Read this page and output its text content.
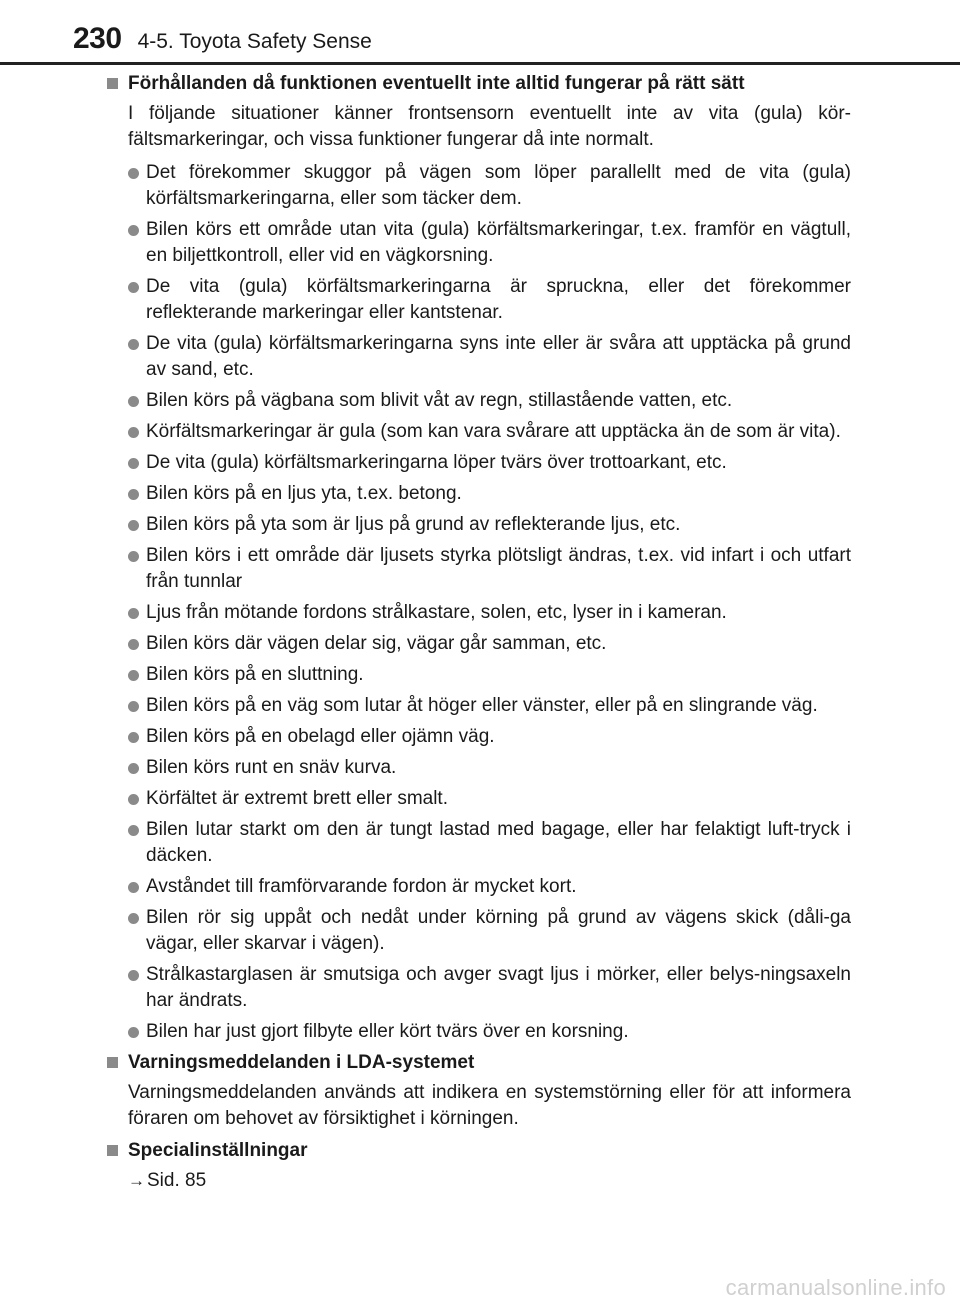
230 4-5. Toyota Safety Sense
Förhållanden då funktionen eventuellt inte alltid fungerar på rätt sätt

I följande situationer känner frontsensorn eventuellt inte av vita (gula) kör-fältsmarkeringar, och vissa funktioner fungerar då inte normalt.

Det förekommer skuggor på vägen som löper parallellt med de vita (gula) körfältsmarkeringarna, eller som täcker dem.
Bilen körs ett område utan vita (gula) körfältsmarkeringar, t.ex. framför en vägtull, en biljettkontroll, eller vid en vägkorsning.
De vita (gula) körfältsmarkeringarna är spruckna, eller det förekommer reflekterande markeringar eller kantstenar.
De vita (gula) körfältsmarkeringarna syns inte eller är svåra att upptäcka på grund av sand, etc.
Bilen körs på vägbana som blivit våt av regn, stillastående vatten, etc.
Körfältsmarkeringar är gula (som kan vara svårare att upptäcka än de som är vita).
De vita (gula) körfältsmarkeringarna löper tvärs över trottoarkant, etc.
Bilen körs på en ljus yta, t.ex. betong.
Bilen körs på yta som är ljus på grund av reflekterande ljus, etc.
Bilen körs i ett område där ljusets styrka plötsligt ändras, t.ex. vid infart i och utfart från tunnlar
Ljus från mötande fordons strålkastare, solen, etc, lyser in i kameran.
Bilen körs där vägen delar sig, vägar går samman, etc.
Bilen körs på en sluttning.
Bilen körs på en väg som lutar åt höger eller vänster, eller på en slingrande väg.
Bilen körs på en obelagd eller ojämn väg.
Bilen körs runt en snäv kurva.
Körfältet är extremt brett eller smalt.
Bilen lutar starkt om den är tungt lastad med bagage, eller har felaktigt luft-tryck i däcken.
Avståndet till framförvarande fordon är mycket kort.
Bilen rör sig uppåt och nedåt under körning på grund av vägens skick (dåli-ga vägar, eller skarvar i vägen).
Strålkastarglasen är smutsiga och avger svagt ljus i mörker, eller belys-ningsaxeln har ändrats.
Bilen har just gjort filbyte eller kört tvärs över en korsning.
Varningsmeddelanden i LDA-systemet

Varningsmeddelanden används att indikera en systemstörning eller för att informera föraren om behovet av försiktighet i körningen.

Specialinställningar
→ Sid. 85
carmanualsonline.info
